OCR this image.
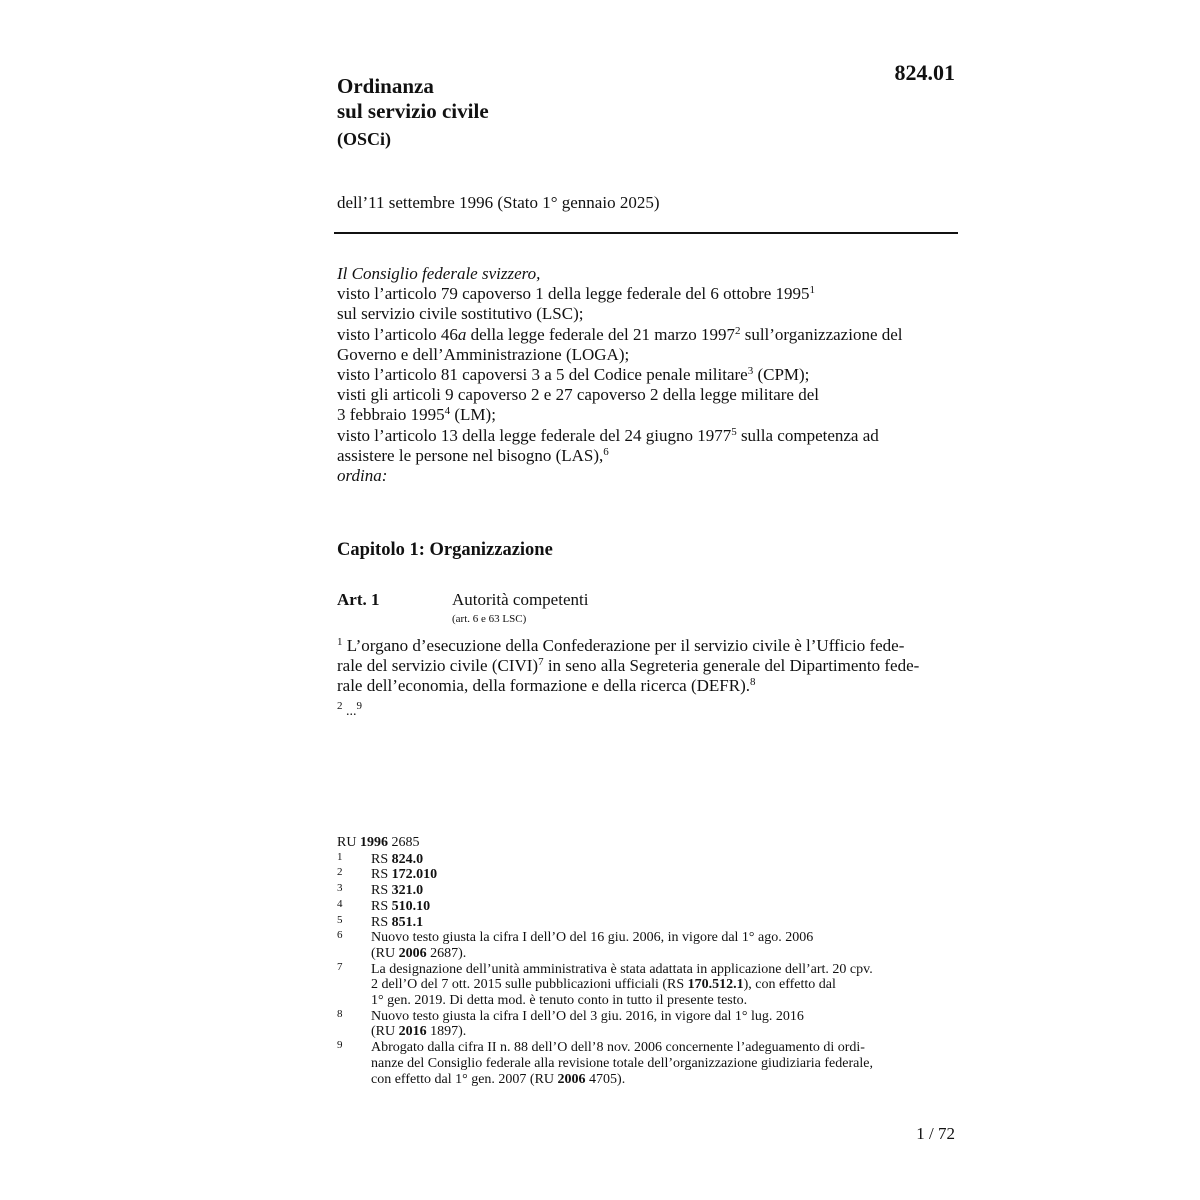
Ordinanza
sul servizio civile
824.01
(OSCi)
dell’11 settembre 1996 (Stato 1° gennaio 2025)
Il Consiglio federale svizzero,
visto l’articolo 79 capoverso 1 della legge federale del 6 ottobre 1995$^1$
sul servizio civile sostitutivo (LSC);
visto l’articolo 46a della legge federale del 21 marzo 1997$^2$ sull’organizzazione del
Governo e dell’Amministrazione (LOGA);
visto l’articolo 81 capoversi 3 a 5 del Codice penale militare$^3$ (CPM);
visti gli articoli 9 capoverso 2 e 27 capoverso 2 della legge militare del
3 febbraio 1995$^4$ (LM);
visto l’articolo 13 della legge federale del 24 giugno 1977$^5$ sulla competenza ad
assistere le persone nel bisogno (LAS),$^6$
ordina:
Capitolo 1: Organizzazione
Art. 1	Autorità competenti
(art. 6 e 63 LSC)
$^1$ L’organo d’esecuzione della Confederazione per il servizio civile è l’Ufficio fede-
rale del servizio civile (CIVI)$^7$ in seno alla Segreteria generale del Dipartimento fede-
rale dell’economia, della formazione e della ricerca (DEFR).$^8$
$^2$ ...$^9$
RU 1996 2685
1 RS 824.0
2 RS 172.010
3 RS 321.0
4 RS 510.10
5 RS 851.1
6 Nuovo testo giusta la cifra I dell’O del 16 giu. 2006, in vigore dal 1° ago. 2006
(RU 2006 2687).
7 La designazione dell’unità amministrativa è stata adattata in applicazione dell’art. 20 cpv.
2 dell’O del 7 ott. 2015 sulle pubblicazioni ufficiali (RS 170.512.1), con effetto dal
1° gen. 2019. Di detta mod. è tenuto conto in tutto il presente testo.
8 Nuovo testo giusta la cifra I dell’O del 3 giu. 2016, in vigore dal 1° lug. 2016
(RU 2016 1897).
9 Abrogato dalla cifra II n. 88 dell’O dell’8 nov. 2006 concernente l’adeguamento di ordi-
nanze del Consiglio federale alla revisione totale dell’organizzazione giudiziaria federale,
con effetto dal 1° gen. 2007 (RU 2006 4705).
1 / 72
